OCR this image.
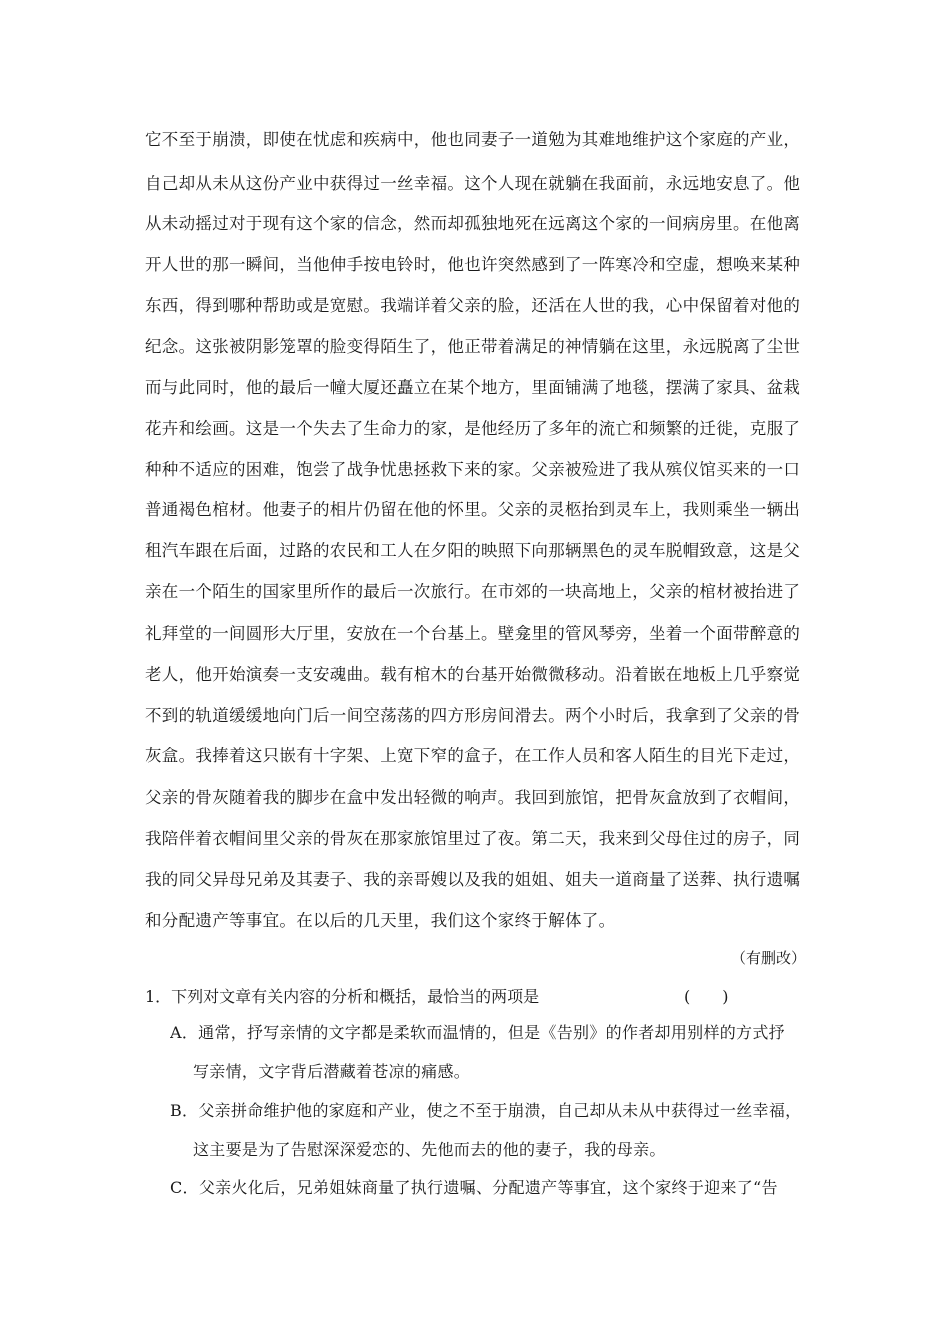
它不至于崩溃，即使在忧虑和疾病中，他也同妻子一道勉为其难地维护这个家庭的产业，
自己却从未从这份产业中获得过一丝幸福。这个人现在就躺在我面前，永远地安息了。他
从未动摇过对于现有这个家的信念，然而却孤独地死在远离这个家的一间病房里。在他离
开人世的那一瞬间，当他伸手按电铃时，他也许突然感到了一阵寒冷和空虚，想唤来某种
东西，得到哪种帮助或是宽慰。我端详着父亲的脸，还活在人世的我，心中保留着对他的
纪念。这张被阴影笼罩的脸变得陌生了，他正带着满足的神情躺在这里，永远脱离了尘世
而与此同时，他的最后一幢大厦还矗立在某个地方，里面铺满了地毯，摆满了家具、盆栽
花卉和绘画。这是一个失去了生命力的家，是他经历了多年的流亡和频繁的迁徙，克服了
种种不适应的困难，饱尝了战争忧患拯救下来的家。父亲被殓进了我从殡仪馆买来的一口
普通褐色棺材。他妻子的相片仍留在他的怀里。父亲的灵柩抬到灵车上，我则乘坐一辆出
租汽车跟在后面，过路的农民和工人在夕阳的映照下向那辆黑色的灵车脱帽致意，这是父
亲在一个陌生的国家里所作的最后一次旅行。在市郊的一块高地上，父亲的棺材被抬进了
礼拜堂的一间圆形大厅里，安放在一个台基上。壁龛里的管风琴旁，坐着一个面带醉意的
老人，他开始演奏一支安魂曲。载有棺木的台基开始微微移动。沿着嵌在地板上几乎察觉
不到的轨道缓缓地向门后一间空荡荡的四方形房间滑去。两个小时后，我拿到了父亲的骨
灰盒。我捧着这只嵌有十字架、上宽下窄的盒子，在工作人员和客人陌生的目光下走过，
父亲的骨灰随着我的脚步在盒中发出轻微的响声。我回到旅馆，把骨灰盒放到了衣帽间，
我陪伴着衣帽间里父亲的骨灰在那家旅馆里过了夜。第二天，我来到父母住过的房子，同
我的同父异母兄弟及其妻子、我的亲哥嫂以及我的姐姐、姐夫一道商量了送葬、执行遗嘱
和分配遗产等事宜。在以后的几天里，我们这个家终于解体了。
（有删改）
1．下列对文章有关内容的分析和概括，最恰当的两项是	(　　)
A．通常，抒写亲情的文字都是柔软而温情的，但是《告别》的作者却用别样的方式抒
写亲情，文字背后潜藏着苍凉的痛感。
B．父亲拼命维护他的家庭和产业，使之不至于崩溃，自己却从未从中获得过一丝幸福，
这主要是为了告慰深深爱恋的、先他而去的他的妻子，我的母亲。
C．父亲火化后，兄弟姐妹商量了执行遗嘱、分配遗产等事宜，这个家终于迎来了“告
